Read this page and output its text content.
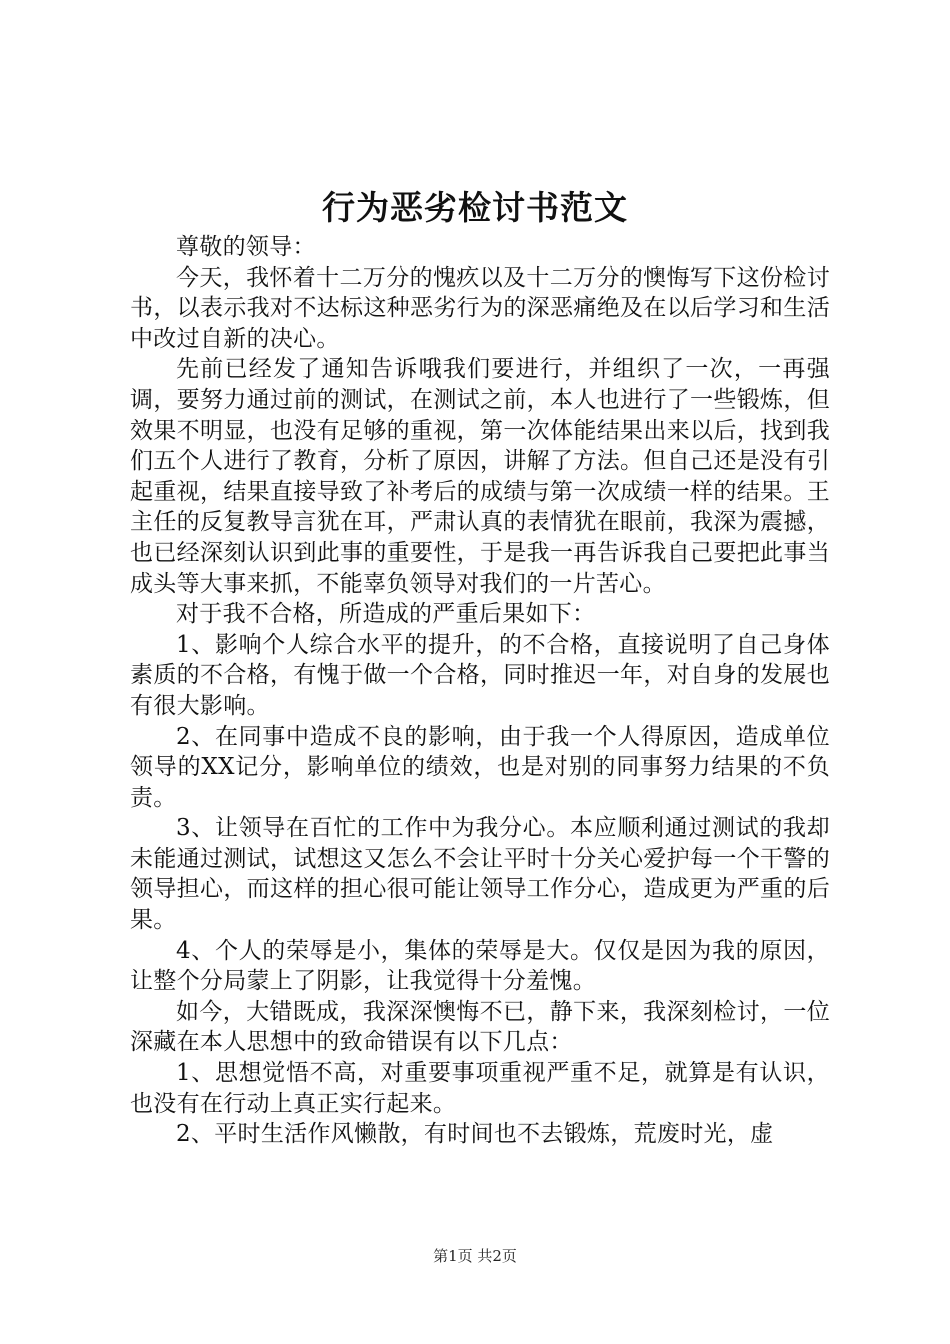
行为恶劣检讨书范文

尊敬的领导：

今天，我怀着十二万分的愧疚以及十二万分的懊悔写下这份检讨书，以表示我对不达标这种恶劣行为的深恶痛绝及在以后学习和生活中改过自新的决心。

先前已经发了通知告诉哦我们要进行，并组织了一次，一再强调，要努力通过前的测试，在测试之前，本人也进行了一些锻炼，但效果不明显，也没有足够的重视，第一次体能结果出来以后，找到我们五个人进行了教育，分析了原因，讲解了方法。但自己还是没有引起重视，结果直接导致了补考后的成绩与第一次成绩一样的结果。王主任的反复教导言犹在耳，严肃认真的表情犹在眼前，我深为震撼，也已经深刻认识到此事的重要性，于是我一再告诉我自己要把此事当成头等大事来抓，不能辜负领导对我们的一片苦心。

对于我不合格，所造成的严重后果如下：

1、影响个人综合水平的提升，的不合格，直接说明了自己身体素质的不合格，有愧于做一个合格，同时推迟一年，对自身的发展也有很大影响。

2、在同事中造成不良的影响，由于我一个人得原因，造成单位领导的XX记分，影响单位的绩效，也是对别的同事努力结果的不负责。

3、让领导在百忙的工作中为我分心。本应顺利通过测试的我却未能通过测试，试想这又怎么不会让平时十分关心爱护每一个干警的领导担心，而这样的担心很可能让领导工作分心，造成更为严重的后果。

4、个人的荣辱是小，集体的荣辱是大。仅仅是因为我的原因，让整个分局蒙上了阴影，让我觉得十分羞愧。

如今，大错既成，我深深懊悔不已，静下来，我深刻检讨，一位深藏在本人思想中的致命错误有以下几点：

1、思想觉悟不高，对重要事项重视严重不足，就算是有认识，也没有在行动上真正实行起来。

2、平时生活作风懒散，有时间也不去锻炼，荒废时光，虚

第1页 共2页
